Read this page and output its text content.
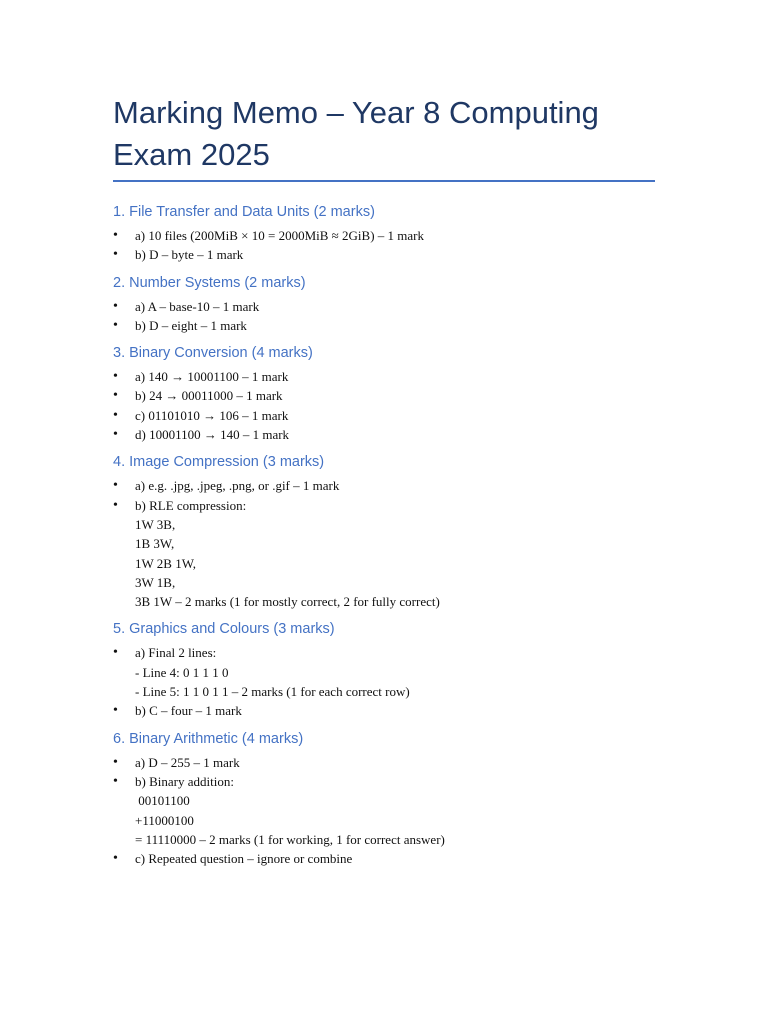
Marking Memo – Year 8 Computing Exam 2025
1. File Transfer and Data Units (2 marks)
• a) 10 files (200MiB × 10 = 2000MiB ≈ 2GiB) – 1 mark
• b) D – byte – 1 mark
2. Number Systems (2 marks)
• a) A – base-10 – 1 mark
• b) D – eight – 1 mark
3. Binary Conversion (4 marks)
• a) 140 → 10001100 – 1 mark
• b) 24 → 00011000 – 1 mark
• c) 01101010 → 106 – 1 mark
• d) 10001100 → 140 – 1 mark
4. Image Compression (3 marks)
• a) e.g. .jpg, .jpeg, .png, or .gif – 1 mark
• b) RLE compression:
1W 3B,
1B 3W,
1W 2B 1W,
3W 1B,
3B 1W – 2 marks (1 for mostly correct, 2 for fully correct)
5. Graphics and Colours (3 marks)
• a) Final 2 lines:
- Line 4: 0 1 1 1 0
- Line 5: 1 1 0 1 1 – 2 marks (1 for each correct row)
• b) C – four – 1 mark
6. Binary Arithmetic (4 marks)
• a) D – 255 – 1 mark
• b) Binary addition:
00101100
+11000100
= 11110000 – 2 marks (1 for working, 1 for correct answer)
• c) Repeated question – ignore or combine
